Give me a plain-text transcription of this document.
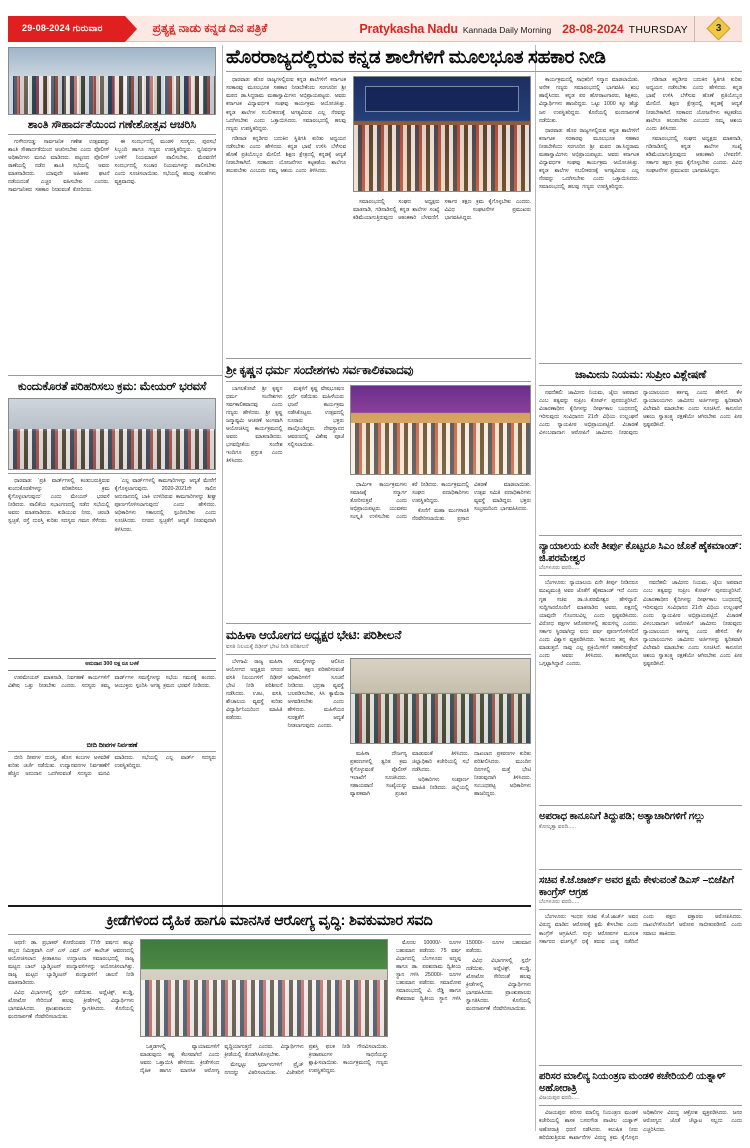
29-08-2024 ಗುರುವಾರ	ಪ್ರತ್ಯಕ್ಷ ನಾಡು ಕನ್ನಡ ದಿನ ಪತ್ರಿಕೆ	Pratykasha Nadu Kannada Daily Morning 28-08-2024 THURSDAY	3
ಶಾಂತಿ ಸೌಹಾರ್ದತೆಯಿಂದ ಗಣೇಶೋತ್ಸವ ಆಚರಿಸಿ

ಗುಳೇದಗುಡ್ಡ: ಸಾರ್ವಜನಿಕ ಗಣೇಶ ಉತ್ಸವವನ್ನು ಶಾಂತಿ ಸೌಹಾರ್ದತೆಯಿಂದ ಆಚರಿಸಬೇಕು ಎಂದು ಪೊಲೀಸ್ ಅಧಿಕಾರಿಗಳು ಮನವಿ ಮಾಡಿದರು. ಪಟ್ಟಣದ ಪೊಲೀಸ್ ಠಾಣೆಯಲ್ಲಿ ನಡೆದ ಶಾಂತಿ ಸಭೆಯಲ್ಲಿ ಅವರು ಮಾತನಾಡಿದರು. ಯಾವುದೇ ಅಹಿತಕರ ಘಟನೆ ನಡೆಯದಂತೆ ಎಚ್ಚರ ವಹಿಸಬೇಕು ಎಂದರು. ಸಾರ್ವಜನಿಕರು ಸಹಕಾರ ನೀಡುವಂತೆ ಕೋರಿದರು.

ಈ ಸಂದರ್ಭದಲ್ಲಿ ಮಂಡಳಿ ಸದಸ್ಯರು, ಪುರಸಭೆ ಸಿಬ್ಬಂದಿ ಹಾಗೂ ಗಣ್ಯರು ಉಪಸ್ಥಿತರಿದ್ದರು. ಧ್ವನಿವರ್ಧಕ ಬಳಕೆಗೆ ನಿಯಮಾವಳಿ ಪಾಲಿಸಬೇಕು, ಮೆರವಣಿಗೆ ಸಂದರ್ಭದಲ್ಲಿ ಸಂಚಾರ ನಿಯಮಗಳನ್ನು ಪಾಲಿಸಬೇಕು ಎಂದು ಸೂಚಿಸಲಾಯಿತು. ಸಭೆಯಲ್ಲಿ ಹಲವು ಸಲಹೆಗಳು ವ್ಯಕ್ತವಾದವು.

ಕುಂದುಕೊರತೆ ಪರಿಹರಿಸಲು ಕ್ರಮ: ಮೇಯರ್ ಭರವಸೆ

ಧಾರವಾಡ: ‘ಪ್ರತಿ ವಾರ್ಡ್‌ಗಳಲ್ಲಿ ಕಂಡುಬರುತ್ತಿರುವ ಕುಂದುಕೊರತೆಗಳನ್ನು ಪರಿಹರಿಸಲು ಕ್ರಮ ಕೈಗೊಳ್ಳಲಾಗುವುದು’ ಎಂದು ಮೇಯರ್ ಭರವಸೆ ನೀಡಿದರು. ಪಾಲಿಕೆಯ ಸಭಾಂಗಣದಲ್ಲಿ ನಡೆದ ಸಭೆಯಲ್ಲಿ ಅವರು ಮಾತನಾಡಿದರು. ಕುಡಿಯುವ ನೀರು, ಚರಂಡಿ ಸ್ವಚ್ಛತೆ, ರಸ್ತೆ ದುರಸ್ತಿ ಕುರಿತು ಸದಸ್ಯರು ಗಮನ ಸೆಳೆದರು.

‘ಎಲ್ಲ ವಾರ್ಡ್‌ಗಳಲ್ಲಿ ಕಾಮಗಾರಿಗಳನ್ನು ಆದ್ಯತೆ ಮೇರೆಗೆ ಕೈಗೊಳ್ಳಲಾಗುವುದು. 2020-2021ನೇ ಸಾಲಿನ ಅನುದಾನದಲ್ಲಿ ಬಾಕಿ ಉಳಿದಿರುವ ಕಾಮಗಾರಿಗಳನ್ನು ಶೀಘ್ರ ಪೂರ್ಣಗೊಳಿಸಲಾಗುವುದು’ ಎಂದು ಹೇಳಿದರು. ಅಧಿಕಾರಿಗಳು ಸಕಾಲದಲ್ಲಿ ಸ್ಪಂದಿಸಬೇಕು ಎಂದು ಸೂಚಿಸಿದರು. ನಗರದ ಸ್ವಚ್ಛತೆಗೆ ಆದ್ಯತೆ ನೀಡುವುದಾಗಿ ತಿಳಿಸಿದರು.

ಅನುದಾನ 300 ಲಕ್ಷ ರೂ ಬಳಕೆ

ಉಪಮೇಯರ್ ಮಾತನಾಡಿ, ನಿರ್ವಹಣೆ ಕಾರ್ಯಗಳಿಗೆ ವಿಶೇಷ ಒತ್ತು ನೀಡಬೇಕು ಎಂದರು. ಸದಸ್ಯರು ತಮ್ಮ ವಾರ್ಡ್‌ಗಳ ಸಮಸ್ಯೆಗಳನ್ನು ಸಭೆಯ ಗಮನಕ್ಕೆ ತಂದರು. ಆಯುಕ್ತರು ಸ್ಪಂದಿಸಿ ಅಗತ್ಯ ಕ್ರಮದ ಭರವಸೆ ನೀಡಿದರು.

ಬೀದಿ ದೀಪಗಳ ನಿರ್ವಹಣೆ

ಬೀದಿ ದೀಪಗಳ ದುರಸ್ತಿ, ಹೊಸ ಕಂಬಗಳ ಅಳವಡಿಕೆ ಕುರಿತು ಚರ್ಚೆ ನಡೆಯಿತು. ಉದ್ಯಾನವನಗಳ ನಿರ್ವಹಣೆಗೆ ಹೆಚ್ಚಿನ ಅನುದಾನ ಒದಗಿಸುವಂತೆ ಸದಸ್ಯರು ಮನವಿ ಮಾಡಿದರು. ಸಭೆಯಲ್ಲಿ ಎಲ್ಲ ವಾರ್ಡ್ ಸದಸ್ಯರು ಉಪಸ್ಥಿತರಿದ್ದರು.

ಹೊರರಾಜ್ಯದಲ್ಲಿರುವ ಕನ್ನಡ ಶಾಲೆಗಳಿಗೆ ಮೂಲಭೂತ ಸಹಕಾರ ನೀಡಿ

ಧಾರವಾಡ: ಹೊರ ರಾಜ್ಯಗಳಲ್ಲಿರುವ ಕನ್ನಡ ಶಾಲೆಗಳಿಗೆ ಕರ್ನಾಟಕ ಸರಕಾರವು ಮೂಲಭೂತ ಸಹಕಾರ ನೀಡಬೇಕೆಂದು ಸರಗೂರಿನ ಶ್ರೀ ಮಠದ ಡಾ.ಸಿದ್ಧರಾಮ ಮಹಾಸ್ವಾಮಿಗಳು ಅಭಿಪ್ರಾಯಪಟ್ಟರು. ಅವರು ಕರ್ನಾಟಕ ವಿದ್ಯಾವರ್ಧಕ ಸಂಘವು ಕಾರ್ಯಕ್ರಮ ಆಯೋಜಿಸಿತ್ತು. ಕನ್ನಡ ಶಾಲೆಗಳ ಸಬಲೀಕರಣಕ್ಕೆ ಅಗತ್ಯವಿರುವ ಎಲ್ಲ ನೆರವನ್ನು ಒದಗಿಸಬೇಕು ಎಂದು ಒತ್ತಾಯಿಸಿದರು. ಸಮಾರಂಭದಲ್ಲಿ ಹಲವು ಗಣ್ಯರು ಉಪಸ್ಥಿತರಿದ್ದರು.

ಗಡಿನಾಡ ಕನ್ನಡಿಗರ ಬದುಕಿನ ಸ್ಥಿತಿಗತಿ ಕುರಿತು ಅಧ್ಯಯನ ನಡೆಸಬೇಕು ಎಂದು ಹೇಳಿದರು. ಕನ್ನಡ ಭಾಷೆ ಉಳಿಸಿ ಬೆಳೆಸುವ ಹೊಣೆ ಪ್ರತಿಯೊಬ್ಬರ ಮೇಲಿದೆ. ಶಿಕ್ಷಣ ಕ್ಷೇತ್ರದಲ್ಲಿ ಕನ್ನಡಕ್ಕೆ ಆದ್ಯತೆ ನೀಡಬೇಕಾಗಿದೆ. ಸರಕಾರದ ಯೋಜನೆಗಳು ಕಟ್ಟಕಡೆಯ ಶಾಲೆಗೂ ತಲುಪಬೇಕು ಎಂಬುದು ನಮ್ಮ ಆಶಯ ಎಂದು ತಿಳಿಸಿದರು.

ಸಮಾರಂಭದಲ್ಲಿ ಸಂಘದ ಅಧ್ಯಕ್ಷರು ಮಾತನಾಡಿ, ಗಡಿನಾಡಿನಲ್ಲಿ ಕನ್ನಡ ಶಾಲೆಗಳ ಸಂಖ್ಯೆ ಕಡಿಮೆಯಾಗುತ್ತಿರುವುದು ಆತಂಕಕಾರಿ ಬೆಳವಣಿಗೆ. ಸರ್ಕಾರ ತಕ್ಷಣ ಕ್ರಮ ಕೈಗೊಳ್ಳಬೇಕು ಎಂದರು. ವಿವಿಧ ಸಂಘಟನೆಗಳ ಪ್ರಮುಖರು ಭಾಗವಹಿಸಿದ್ದರು.

ಕಾರ್ಯಕ್ರಮದಲ್ಲಿ ಸಾಧಕರಿಗೆ ಸನ್ಮಾನ ಮಾಡಲಾಯಿತು. ಅನೇಕ ಗಣ್ಯರು ಸಮಾರಂಭದಲ್ಲಿ ಭಾಗವಹಿಸಿ ಶುಭ ಹಾರೈಸಿದರು. ಕನ್ನಡ ಪರ ಹೋರಾಟಗಾರರು, ಶಿಕ್ಷಕರು, ವಿದ್ಯಾರ್ಥಿಗಳು ಹಾಜರಿದ್ದರು. ಒಟ್ಟು 1000 ಕ್ಕೂ ಹೆಚ್ಚು ಜನ ಉಪಸ್ಥಿತರಿದ್ದರು. ಕೊನೆಯಲ್ಲಿ ವಂದನಾರ್ಪಣೆ ನಡೆಯಿತು.

ಧಾರವಾಡ: ಹೊರ ರಾಜ್ಯಗಳಲ್ಲಿರುವ ಕನ್ನಡ ಶಾಲೆಗಳಿಗೆ ಕರ್ನಾಟಕ ಸರಕಾರವು ಮೂಲಭೂತ ಸಹಕಾರ ನೀಡಬೇಕೆಂದು ಸರಗೂರಿನ ಶ್ರೀ ಮಠದ ಡಾ.ಸಿದ್ಧರಾಮ ಮಹಾಸ್ವಾಮಿಗಳು ಅಭಿಪ್ರಾಯಪಟ್ಟರು. ಅವರು ಕರ್ನಾಟಕ ವಿದ್ಯಾವರ್ಧಕ ಸಂಘವು ಕಾರ್ಯಕ್ರಮ ಆಯೋಜಿಸಿತ್ತು. ಕನ್ನಡ ಶಾಲೆಗಳ ಸಬಲೀಕರಣಕ್ಕೆ ಅಗತ್ಯವಿರುವ ಎಲ್ಲ ನೆರವನ್ನು ಒದಗಿಸಬೇಕು ಎಂದು ಒತ್ತಾಯಿಸಿದರು. ಸಮಾರಂಭದಲ್ಲಿ ಹಲವು ಗಣ್ಯರು ಉಪಸ್ಥಿತರಿದ್ದರು.

ಗಡಿನಾಡ ಕನ್ನಡಿಗರ ಬದುಕಿನ ಸ್ಥಿತಿಗತಿ ಕುರಿತು ಅಧ್ಯಯನ ನಡೆಸಬೇಕು ಎಂದು ಹೇಳಿದರು. ಕನ್ನಡ ಭಾಷೆ ಉಳಿಸಿ ಬೆಳೆಸುವ ಹೊಣೆ ಪ್ರತಿಯೊಬ್ಬರ ಮೇಲಿದೆ. ಶಿಕ್ಷಣ ಕ್ಷೇತ್ರದಲ್ಲಿ ಕನ್ನಡಕ್ಕೆ ಆದ್ಯತೆ ನೀಡಬೇಕಾಗಿದೆ. ಸರಕಾರದ ಯೋಜನೆಗಳು ಕಟ್ಟಕಡೆಯ ಶಾಲೆಗೂ ತಲುಪಬೇಕು ಎಂಬುದು ನಮ್ಮ ಆಶಯ ಎಂದು ತಿಳಿಸಿದರು.

ಸಮಾರಂಭದಲ್ಲಿ ಸಂಘದ ಅಧ್ಯಕ್ಷರು ಮಾತನಾಡಿ, ಗಡಿನಾಡಿನಲ್ಲಿ ಕನ್ನಡ ಶಾಲೆಗಳ ಸಂಖ್ಯೆ ಕಡಿಮೆಯಾಗುತ್ತಿರುವುದು ಆತಂಕಕಾರಿ ಬೆಳವಣಿಗೆ. ಸರ್ಕಾರ ತಕ್ಷಣ ಕ್ರಮ ಕೈಗೊಳ್ಳಬೇಕು ಎಂದರು. ವಿವಿಧ ಸಂಘಟನೆಗಳ ಪ್ರಮುಖರು ಭಾಗವಹಿಸಿದ್ದರು.

ಶ್ರೀ ಕೃಷ್ಣನ ಧರ್ಮ ಸಂದೇಶಗಳು ಸರ್ವಕಾಲಿಕವಾದವು

ಬಾಗಲಕೋಟೆ: ಶ್ರೀ ಕೃಷ್ಣನ ಧರ್ಮ ಸಂದೇಶಗಳು ಸರ್ವಕಾಲಿಕವಾದವು ಎಂದು ಗಣ್ಯರು ಹೇಳಿದರು. ಶ್ರೀ ಕೃಷ್ಣ ಜನ್ಮಾಷ್ಟಮಿ ಆಚರಣೆ ಅಂಗವಾಗಿ ಆಯೋಜಿಸಿದ್ದ ಕಾರ್ಯಕ್ರಮದಲ್ಲಿ ಅವರು ಮಾತನಾಡಿದರು. ಭಗವದ್ಗೀತೆಯ ಸಂದೇಶ ಇಂದಿಗೂ ಪ್ರಸ್ತುತ ಎಂದು ತಿಳಿಸಿದರು.

ಮಕ್ಕಳಿಗೆ ಕೃಷ್ಣ ವೇಷಭೂಷಣ ಸ್ಪರ್ಧೆ ನಡೆಯಿತು. ಮಹಿಳೆಯರು ಭಜನೆ ಕಾರ್ಯಕ್ರಮ ನಡೆಸಿಕೊಟ್ಟರು. ಉತ್ಸವದಲ್ಲಿ ನೂರಾರು ಭಕ್ತರು ಪಾಲ್ಗೊಂಡಿದ್ದರು. ದೇವಸ್ಥಾನದ ಆವರಣದಲ್ಲಿ ವಿಶೇಷ ಪೂಜೆ ಸಲ್ಲಿಸಲಾಯಿತು.

ಧಾರ್ಮಿಕ ಕಾರ್ಯಕ್ರಮಗಳು ಸಮಾಜಕ್ಕೆ ಸನ್ಮಾರ್ಗ ತೋರಿಸುತ್ತವೆ ಎಂದು ಅಭಿಪ್ರಾಯಪಟ್ಟರು. ಯುವಕರು ಸಂಸ್ಕೃತಿ ಉಳಿಸಬೇಕು ಎಂದು ಕರೆ ನೀಡಿದರು. ಕಾರ್ಯಕ್ರಮದಲ್ಲಿ ಸಂಘದ ಪದಾಧಿಕಾರಿಗಳು ಉಪಸ್ಥಿತರಿದ್ದರು.

ಕೊನೆಗೆ ಮಹಾ ಮಂಗಳಾರತಿ ನೆರವೇರಿಸಲಾಯಿತು. ಪ್ರಸಾದ ವಿತರಣೆ ಮಾಡಲಾಯಿತು. ಉತ್ಸವ ಸಮಿತಿ ಪದಾಧಿಕಾರಿಗಳು ವ್ಯವಸ್ಥೆ ಮಾಡಿದ್ದರು. ಭಕ್ತರು ಸಂಭ್ರಮದಿಂದ ಭಾಗವಹಿಸಿದರು.

ಮಹಿಳಾ ಆಯೋಗದ ಅಧ್ಯಕ್ಷರ ಭೇಟಿ: ಪರಿಶೀಲನೆ
ವಸತಿ ನಿಲಯಕ್ಕೆ ದಿಢೀರ್ ಭೇಟಿ ನೀಡಿ ಪರಿಶೀಲನೆ

ಬೆಳಗಾವಿ: ರಾಜ್ಯ ಮಹಿಳಾ ಆಯೋಗದ ಅಧ್ಯಕ್ಷರು ನಗರದ ವಸತಿ ನಿಲಯಗಳಿಗೆ ದಿಢೀರ್ ಭೇಟಿ ನೀಡಿ ಪರಿಶೀಲನೆ ನಡೆಸಿದರು. ಊಟ, ವಸತಿ, ಶೌಚಾಲಯ ವ್ಯವಸ್ಥೆ ಕುರಿತು ವಿದ್ಯಾರ್ಥಿನಿಯರಿಂದ ಮಾಹಿತಿ ಪಡೆದರು.

ಸಮಸ್ಯೆಗಳನ್ನು ಆಲಿಸಿದ ಅವರು, ತಕ್ಷಣ ಪರಿಹರಿಸುವಂತೆ ಅಧಿಕಾರಿಗಳಿಗೆ ಸೂಚನೆ ನೀಡಿದರು. ಭದ್ರತಾ ವ್ಯವಸ್ಥೆ ಬಲಪಡಿಸಬೇಕು, ಸಿಸಿ ಕ್ಯಾಮೆರಾ ಅಳವಡಿಸಬೇಕು ಎಂದು ಹೇಳಿದರು. ಮಹಿಳೆಯರ ಸುರಕ್ಷತೆಗೆ ಆದ್ಯತೆ ನೀಡಲಾಗುವುದು ಎಂದರು.

ಮಹಿಳಾ ದೌರ್ಜನ್ಯ ಪ್ರಕರಣಗಳಲ್ಲಿ ತ್ವರಿತ ಕ್ರಮ ಕೈಗೊಳ್ಳುವಂತೆ ಪೊಲೀಸ್ ಇಲಾಖೆಗೆ ಸೂಚಿಸಿದರು. ಸಹಾಯವಾಣಿ ಸಂಖ್ಯೆಯನ್ನು ವ್ಯಾಪಕವಾಗಿ ಪ್ರಚಾರ ಮಾಡುವಂತೆ ತಿಳಿಸಿದರು. ಜಿಲ್ಲಾಧಿಕಾರಿ ಕಚೇರಿಯಲ್ಲಿ ಸಭೆ ನಡೆಸಿದರು.

ಅಧಿಕಾರಿಗಳು ಸಂಪೂರ್ಣ ಮಾಹಿತಿ ನೀಡಿದರು. ಜಿಲ್ಲೆಯಲ್ಲಿ ದಾಖಲಾದ ಪ್ರಕರಣಗಳ ಕುರಿತು ಪರಿಶೀಲಿಸಿದರು. ಮುಂದಿನ ದಿನಗಳಲ್ಲಿ ಮತ್ತೆ ಭೇಟಿ ನೀಡುವುದಾಗಿ ತಿಳಿಸಿದರು. ಸಂಬಂಧಪಟ್ಟ ಅಧಿಕಾರಿಗಳು ಹಾಜರಿದ್ದರು.

ಜಾಮೀನು ನಿಯಮ: ಸುಪ್ರೀಂ ವಿಶ್ಲೇಷಣೆ

ನವದೆಹಲಿ: ಜಾಮೀನು ನಿಯಮ, ಜೈಲು ಅಪವಾದ ಎಂಬ ತತ್ವವನ್ನು ಸುಪ್ರೀಂ ಕೋರ್ಟ್ ಪುನರುಚ್ಚರಿಸಿದೆ. ವಿಚಾರಣಾಧೀನ ಕೈದಿಗಳನ್ನು ದೀರ್ಘಕಾಲ ಬಂಧನದಲ್ಲಿ ಇರಿಸುವುದು ಸಂವಿಧಾನದ 21ನೇ ವಿಧಿಯ ಉಲ್ಲಂಘನೆ ಎಂದು ನ್ಯಾಯಪೀಠ ಅಭಿಪ್ರಾಯಪಟ್ಟಿದೆ. ವಿಚಾರಣೆ ವಿಳಂಬವಾದಾಗ ಆರೋಪಿಗೆ ಜಾಮೀನು ನೀಡುವುದು ನ್ಯಾಯಾಲಯದ ಕರ್ತವ್ಯ ಎಂದು ಹೇಳಿದೆ. ಕೆಳ ನ್ಯಾಯಾಲಯಗಳು ಜಾಮೀನು ಅರ್ಜಿಗಳನ್ನು ತ್ವರಿತವಾಗಿ ವಿಲೇವಾರಿ ಮಾಡಬೇಕು ಎಂದು ಸೂಚಿಸಿದೆ. ಕಾನೂನಿನ ಆಶಯ ಸ್ವಾತಂತ್ರ್ಯ ರಕ್ಷಣೆಯೇ ಆಗಿರಬೇಕು ಎಂದು ಪೀಠ ಸ್ಪಷ್ಟಪಡಿಸಿದೆ.

ನ್ಯಾಯಾಲಯ ಏನೇ ತೀರ್ಪು ಕೊಟ್ಟರೂ ಸಿಎಂ ಜೊತೆ ಹೈಕಮಾಂಡ್: ಜಿ.ಪರಮೇಶ್ವರ
ಬೆಂಗಳೂರು ವರದಿ.....

ಬೆಂಗಳೂರು: ನ್ಯಾಯಾಲಯ ಏನೇ ತೀರ್ಪು ನೀಡಿದರೂ ಮುಖ್ಯಮಂತ್ರಿ ಅವರ ಜೊತೆಗೆ ಹೈಕಮಾಂಡ್ ಇದೆ ಎಂದು ಗೃಹ ಸಚಿವ ಡಾ.ಜಿ.ಪರಮೇಶ್ವರ ಹೇಳಿದ್ದಾರೆ. ಸುದ್ದಿಗಾರರೊಂದಿಗೆ ಮಾತನಾಡಿದ ಅವರು, ಪಕ್ಷದಲ್ಲಿ ಯಾವುದೇ ಗೊಂದಲವಿಲ್ಲ ಎಂದು ಸ್ಪಷ್ಟಪಡಿಸಿದರು. ವಿರೋಧ ಪಕ್ಷಗಳ ಆರೋಪಗಳಲ್ಲಿ ಹುರುಳಿಲ್ಲ ಎಂದರು. ಸರ್ಕಾರ ಸ್ಥಿರವಾಗಿದ್ದು ಐದು ವರ್ಷ ಪೂರ್ಣಗೊಳಿಸಲಿದೆ ಎಂದು ವಿಶ್ವಾಸ ವ್ಯಕ್ತಪಡಿಸಿದರು. ‘ಕಾನೂನು ತನ್ನ ಕೆಲಸ ಮಾಡುತ್ತದೆ. ನಾವು ಎಲ್ಲ ಪ್ರಕ್ರಿಯೆಗಳಿಗೆ ಸಹಕರಿಸುತ್ತೇವೆ’ ಎಂದು ಅವರು ತಿಳಿಸಿದರು. ಶಾಸಕರೆಲ್ಲರೂ ಒಗ್ಗಟ್ಟಾಗಿದ್ದಾರೆ ಎಂದರು.

ನವದೆಹಲಿ: ಜಾಮೀನು ನಿಯಮ, ಜೈಲು ಅಪವಾದ ಎಂಬ ತತ್ವವನ್ನು ಸುಪ್ರೀಂ ಕೋರ್ಟ್ ಪುನರುಚ್ಚರಿಸಿದೆ. ವಿಚಾರಣಾಧೀನ ಕೈದಿಗಳನ್ನು ದೀರ್ಘಕಾಲ ಬಂಧನದಲ್ಲಿ ಇರಿಸುವುದು ಸಂವಿಧಾನದ 21ನೇ ವಿಧಿಯ ಉಲ್ಲಂಘನೆ ಎಂದು ನ್ಯಾಯಪೀಠ ಅಭಿಪ್ರಾಯಪಟ್ಟಿದೆ. ವಿಚಾರಣೆ ವಿಳಂಬವಾದಾಗ ಆರೋಪಿಗೆ ಜಾಮೀನು ನೀಡುವುದು ನ್ಯಾಯಾಲಯದ ಕರ್ತವ್ಯ ಎಂದು ಹೇಳಿದೆ. ಕೆಳ ನ್ಯಾಯಾಲಯಗಳು ಜಾಮೀನು ಅರ್ಜಿಗಳನ್ನು ತ್ವರಿತವಾಗಿ ವಿಲೇವಾರಿ ಮಾಡಬೇಕು ಎಂದು ಸೂಚಿಸಿದೆ. ಕಾನೂನಿನ ಆಶಯ ಸ್ವಾತಂತ್ರ್ಯ ರಕ್ಷಣೆಯೇ ಆಗಿರಬೇಕು ಎಂದು ಪೀಠ ಸ್ಪಷ್ಟಪಡಿಸಿದೆ.

ಅಪರಾಧ ಕಾನೂನಿಗೆ ತಿದ್ದುಪಡಿ; ಅತ್ಯಾಚಾರಿಗಳಿಗೆ ಗಲ್ಲು
ಕೋಲ್ಕತ್ತಾ ವರದಿ.....
ಸಚಿವ ಕೆ.ಜೆ.ಜಾರ್ಜ್ ಅವರ ಕ್ಷಮೆ ಕೇಳುವಂತೆ ಡಿಎಸ್ –ಬಿಜೆಪಿಗೆ ಕಾಂಗ್ರೆಸ್ ಆಗ್ರಹ
ಬೆಂಗಳೂರು ವರದಿ.....

ಬೆಂಗಳೂರು: ಇಂಧನ ಸಚಿವ ಕೆ.ಜೆ.ಜಾರ್ಜ್ ಅವರ ವಿರುದ್ಧ ಮಾಡಿದ ಆರೋಪಕ್ಕೆ ಕ್ಷಮೆ ಕೇಳಬೇಕು ಎಂದು ಕಾಂಗ್ರೆಸ್ ಆಗ್ರಹಿಸಿದೆ. ಸುಳ್ಳು ಆರೋಪಗಳ ಮೂಲಕ ಸರ್ಕಾರದ ವರ್ಚಸ್ಸಿಗೆ ಧಕ್ಕೆ ತರುವ ಯತ್ನ ನಡೆದಿದೆ ಎಂದು ಪಕ್ಷದ ವಕ್ತಾರರು ಆರೋಪಿಸಿದರು. ದಾಖಲೆಗಳೊಂದಿಗೆ ಆರೋಪ ಸಾಬೀತುಪಡಿಸಲಿ ಎಂದು ಸವಾಲು ಹಾಕಿದರು.

ಪರಿಸರ ಮಾಲಿನ್ಯ ನಿಯಂತ್ರಣ ಮಂಡಳಿ ಕಚೇರಿಯಲಿ ಯತ್ನಾಳ್ ಅಹೋರಾತ್ರಿ
ವಿಜಯಪುರ ವರದಿ.....

ವಿಜಯಪುರ: ಪರಿಸರ ಮಾಲಿನ್ಯ ನಿಯಂತ್ರಣ ಮಂಡಳಿ ಕಚೇರಿಯಲ್ಲಿ ಶಾಸಕ ಬಸನಗೌಡ ಪಾಟೀಲ ಯತ್ನಾಳ್ ಅಹೋರಾತ್ರಿ ಧರಣಿ ನಡೆಸಿದರು. ಕಲುಷಿತ ನೀರು ಹರಿಬಿಡುತ್ತಿರುವ ಕಾರ್ಖಾನೆಗಳ ವಿರುದ್ಧ ಕ್ರಮ ಕೈಗೊಳ್ಳದ ಅಧಿಕಾರಿಗಳ ವಿರುದ್ಧ ಆಕ್ರೋಶ ವ್ಯಕ್ತಪಡಿಸಿದರು. ಜನರ ಆರೋಗ್ಯದ ಜೊತೆ ಚೆಲ್ಲಾಟ ಸಲ್ಲದು ಎಂದು ಎಚ್ಚರಿಸಿದರು.

ಕ್ರೀಡೆಗಳಿಂದ ದೈಹಿಕ ಹಾಗೂ ಮಾನಸಿಕ ಆರೋಗ್ಯ ವೃದ್ಧಿ: ಶಿವಕುಮಾರ ಸವದಿ

ಅಥಣಿ: ಡಾ. ಪ್ರಭಾಕರ್ ಕೋರೆಯವರ 77ನೇ ವರ್ಷದ ಹುಟ್ಟು ಹಬ್ಬದ ನಿಮಿತ್ತವಾಗಿ ಎನ್ ಎಸ್ ಎಮ್ ಎಸ್ ಕಾಲೇಜ್ ಆವರಣದಲ್ಲಿ ಆಯೋಜಿಸಲಾದ ಕ್ರೀಡಾಕೂಟ ಉದ್ಘಾಟನಾ ಸಮಾರಂಭದಲ್ಲಿ ರಾಜ್ಯ ಮಟ್ಟದ ಬಾಲ್ ಬ್ಯಾಡ್ಮಿಂಟನ್ ಪಂದ್ಯಾವಳಿಗಳನ್ನು ಆಯೋಜಿಸಲಾಗಿತ್ತು. ರಾಜ್ಯ ಮಟ್ಟದ ಬ್ಯಾಡ್ಮಿಂಟನ್ ಪಂದ್ಯಾವಳಿಗೆ ಚಾಲನೆ ನೀಡಿ ಮಾತನಾಡಿದರು.

ವಿವಿಧ ವಿಭಾಗಗಳಲ್ಲಿ ಸ್ಪರ್ಧೆ ನಡೆಯಿತು. ಅಥ್ಲೆಟಿಕ್ಸ್, ಕಬಡ್ಡಿ, ಖೋಖೋ ಸೇರಿದಂತೆ ಹಲವು ಕ್ರೀಡೆಗಳಲ್ಲಿ ವಿದ್ಯಾರ್ಥಿಗಳು ಭಾಗವಹಿಸಿದರು. ಪ್ರಾಂಶುಪಾಲರು ಸ್ವಾಗತಿಸಿದರು. ಕೊನೆಯಲ್ಲಿ ವಂದನಾರ್ಪಣೆ ನೆರವೇರಿಸಲಾಯಿತು.

ಒತ್ತಡಗಳಲ್ಲಿ ವ್ಯಾಯಾಮಗಳಿಗೆ ಮಾಡುವುದು ಕಷ್ಟ ಕೆಲಸವಾಗಿದೆ ಎಂದು ಅವರು ಒತ್ತಾಯಿಸಿ ಹೇಳಿದರು. ಕ್ರೀಡೆಗಳಿಂದ ದೈಹಿಕ ಹಾಗೂ ಮಾನಸಿಕ ಆರೋಗ್ಯ ವೃದ್ಧಿಯಾಗುತ್ತದೆ ಎಂದರು. ವಿದ್ಯಾರ್ಥಿಗಳು ಕ್ರೀಡೆಯಲ್ಲಿ ತೊಡಗಿಸಿಕೊಳ್ಳಬೇಕು.

ಮೇಲ್ಪಟ್ಟು ಸ್ಪರ್ಧಾಳುಗಳಿಗೆ ಪ್ರೈಜ್ ನಗದನ್ನು ವಿತರಿಸಲಾಯಿತು. ವಿಜೇತರಿಗೆ ಪ್ರಶಸ್ತಿ ಫಲಕ ನೀಡಿ ಗೌರವಿಸಲಾಯಿತು. ಕ್ರೀಡಾಪಟುಗಳ ಸಾಧನೆಯನ್ನು ಶ್ಲಾಘಿಸಲಾಯಿತು. ಕಾರ್ಯಕ್ರಮದಲ್ಲಿ ಗಣ್ಯರು ಉಪಸ್ಥಿತರಿದ್ದರು.

ಮೊದಲ 10000/- ರೂಗಳ ಬಹುಮಾನ ಪಡೆದರು. 75 ವರ್ಷ ವಿಭಾಗದಲ್ಲಿ ಬೆಂಗಳೂರು ಅಣ್ಣಪ್ಪ ಹಾಗೂ ಡಾ. ಪರಶುರಾಮ ದ್ವಿತೀಯ ಸ್ಥಾನ ಗಳಿಸಿ 25000/- ರೂಗಳ ಬಹುಮಾನ ಪಡೆದರು. ಸಮಾರೋಪ ಸಮಾರಂಭದಲ್ಲಿ ವಿ. ರೆಡ್ಡಿ ಹಾಗೂ ಕೇಶವರಾವ ದ್ವಿತೀಯ ಸ್ಥಾನ ಗಳಿಸಿ 15000/- ರೂಗಳ ಬಹುಮಾನ ಪಡೆದರು.

ವಿವಿಧ ವಿಭಾಗಗಳಲ್ಲಿ ಸ್ಪರ್ಧೆ ನಡೆಯಿತು. ಅಥ್ಲೆಟಿಕ್ಸ್, ಕಬಡ್ಡಿ, ಖೋಖೋ ಸೇರಿದಂತೆ ಹಲವು ಕ್ರೀಡೆಗಳಲ್ಲಿ ವಿದ್ಯಾರ್ಥಿಗಳು ಭಾಗವಹಿಸಿದರು. ಪ್ರಾಂಶುಪಾಲರು ಸ್ವಾಗತಿಸಿದರು. ಕೊನೆಯಲ್ಲಿ ವಂದನಾರ್ಪಣೆ ನೆರವೇರಿಸಲಾಯಿತು.
